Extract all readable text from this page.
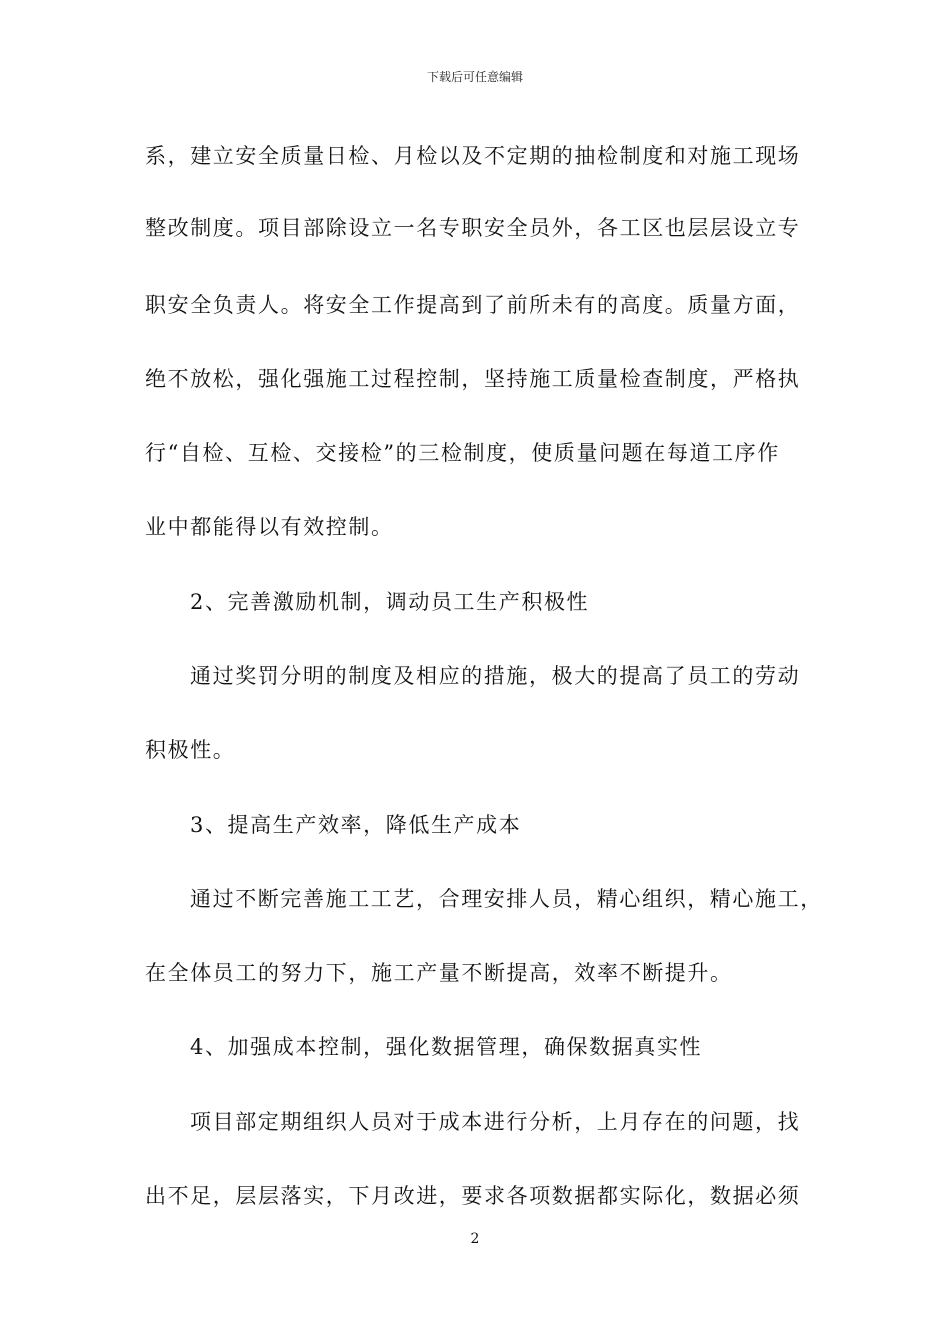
下载后可任意编辑
系，建立安全质量日检、月检以及不定期的抽检制度和对施工现场
整改制度。项目部除设立一名专职安全员外，各工区也层层设立专
职安全负责人。将安全工作提高到了前所未有的高度。质量方面，
绝不放松，强化强施工过程控制，坚持施工质量检查制度，严格执
行“自检、互检、交接检”的三检制度，使质量问题在每道工序作
业中都能得以有效控制。
2、完善激励机制，调动员工生产积极性
通过奖罚分明的制度及相应的措施，极大的提高了员工的劳动
积极性。
3、提高生产效率，降低生产成本
通过不断完善施工工艺，合理安排人员，精心组织，精心施工，
在全体员工的努力下，施工产量不断提高，效率不断提升。
4、加强成本控制，强化数据管理，确保数据真实性
项目部定期组织人员对于成本进行分析，上月存在的问题，找
出不足，层层落实，下月改进，要求各项数据都实际化，数据必须
2
